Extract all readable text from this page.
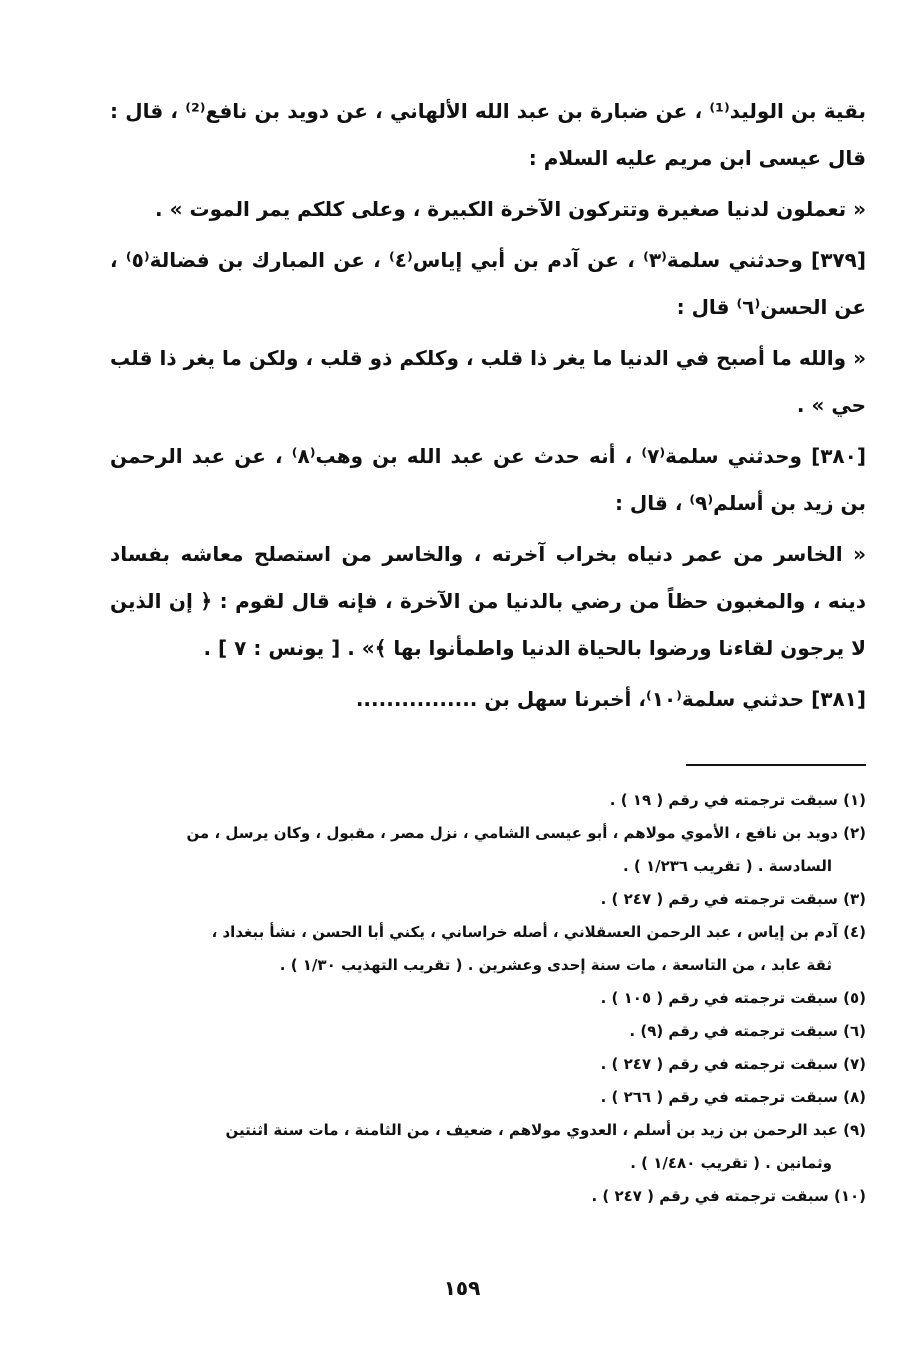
بقية بن الوليد⁽¹⁾ ، عن ضبارة بن عبد الله الألهاني ، عن دويد بن نافع⁽²⁾ ، قال : قال عيسى ابن مريم عليه السلام :

« تعملون لدنيا صغيرة وتتركون الآخرة الكبيرة ، وعلى كلكم يمر الموت » .

[٣٧٩] وحدثني سلمة⁽٣⁾ ، عن آدم بن أبي إياس⁽٤⁾ ، عن المبارك بن فضالة⁽٥⁾ ، عن الحسن⁽٦⁾ قال :

« والله ما أصبح في الدنيا ما يغر ذا قلب ، وكلكم ذو قلب ، ولكن ما يغر ذا قلب حي » .

[٣٨٠] وحدثني سلمة⁽٧⁾ ، أنه حدث عن عبد الله بن وهب⁽٨⁾ ، عن عبد الرحمن بن زيد بن أسلم⁽٩⁾ ، قال :

« الخاسر من عمر دنياه بخراب آخرته ، والخاسر من استصلح معاشه بفساد دينه ، والمغبون حظاً من رضي بالدنيا من الآخرة ، فإنه قال لقوم : ﴿ إن الذين لا يرجون لقاءنا ورضوا بالحياة الدنيا واطمأنوا بها ﴾» . [ يونس : ٧ ] .

[٣٨١] حدثني سلمة⁽١٠⁾، أخبرنا سهل بن ................

(١) سبقت ترجمته في رقم ( ١٩ ) .

(٢) دويد بن نافع ، الأموي مولاهم ، أبو عيسى الشامي ، نزل مصر ، مقبول ، وكان يرسل ، من
السادسة . ( تقريب ١/٢٣٦ ) .

(٣) سبقت ترجمته في رقم ( ٢٤٧ ) .

(٤) آدم بن إياس ، عبد الرحمن العسقلاني ، أصله خراساني ، يكني أبا الحسن ، نشأ ببغداد ،
ثقة عابد ، من التاسعة ، مات سنة إحدى وعشرين . ( تقريب التهذيب ١/٣٠ ) .

(٥) سبقت ترجمته في رقم ( ١٠٥ ) .

(٦) سبقت ترجمته في رقم (٩) .

(٧) سبقت ترجمته في رقم ( ٢٤٧ ) .

(٨) سبقت ترجمته في رقم ( ٢٦٦ ) .

(٩) عبد الرحمن بن زيد بن أسلم ، العدوي مولاهم ، ضعيف ، من الثامنة ، مات سنة اثنتين
وثمانين . ( تقريب ١/٤٨٠ ) .

(١٠) سبقت ترجمته في رقم ( ٢٤٧ ) .

١٥٩
